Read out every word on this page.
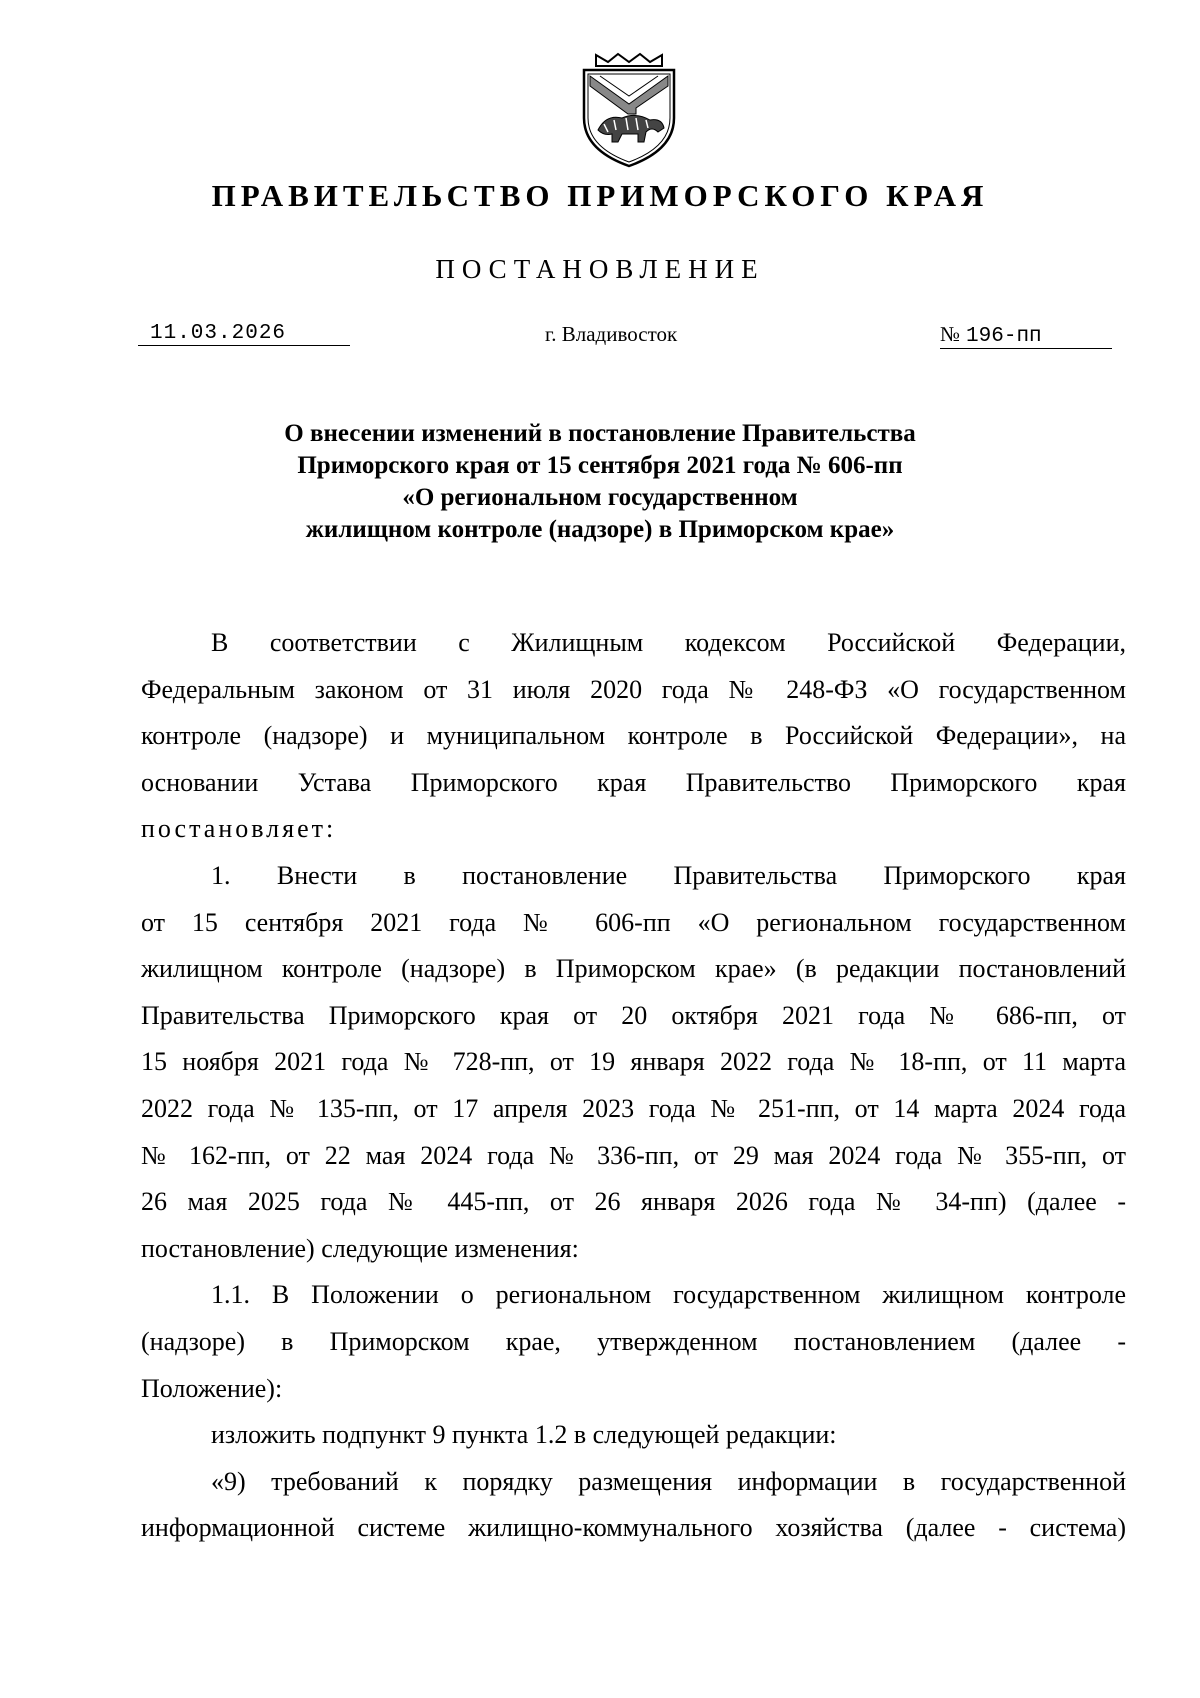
ПРАВИТЕЛЬСТВО ПРИМОРСКОГО КРАЯ
ПОСТАНОВЛЕНИЕ
11.03.2026	г. Владивосток	№ 196-пп
О внесении изменений в постановление Правительства
Приморского края от 15 сентября 2021 года № 606-пп
«О региональном государственном
жилищном контроле (надзоре) в Приморском крае»
В соответствии с Жилищным кодексом Российской Федерации,
Федеральным законом от 31 июля 2020 года № 248-ФЗ «О государственном
контроле (надзоре) и муниципальном контроле в Российской Федерации», на
основании Устава Приморского края Правительство Приморского края
постановляет:
1. Внести в постановление Правительства Приморского края
от 15 сентября 2021 года № 606-пп «О региональном государственном
жилищном контроле (надзоре) в Приморском крае» (в редакции постановлений
Правительства Приморского края от 20 октября 2021 года № 686-пп, от
15 ноября 2021 года № 728-пп, от 19 января 2022 года № 18-пп, от 11 марта
2022 года № 135-пп, от 17 апреля 2023 года № 251-пп, от 14 марта 2024 года
№ 162-пп, от 22 мая 2024 года № 336-пп, от 29 мая 2024 года № 355-пп, от
26 мая 2025 года № 445-пп, от 26 января 2026 года № 34-пп) (далее -
постановление) следующие изменения:
1.1. В Положении о региональном государственном жилищном контроле
(надзоре) в Приморском крае, утвержденном постановлением (далее -
Положение):
изложить подпункт 9 пункта 1.2 в следующей редакции:
«9) требований к порядку размещения информации в государственной
информационной системе жилищно-коммунального хозяйства (далее - система)
